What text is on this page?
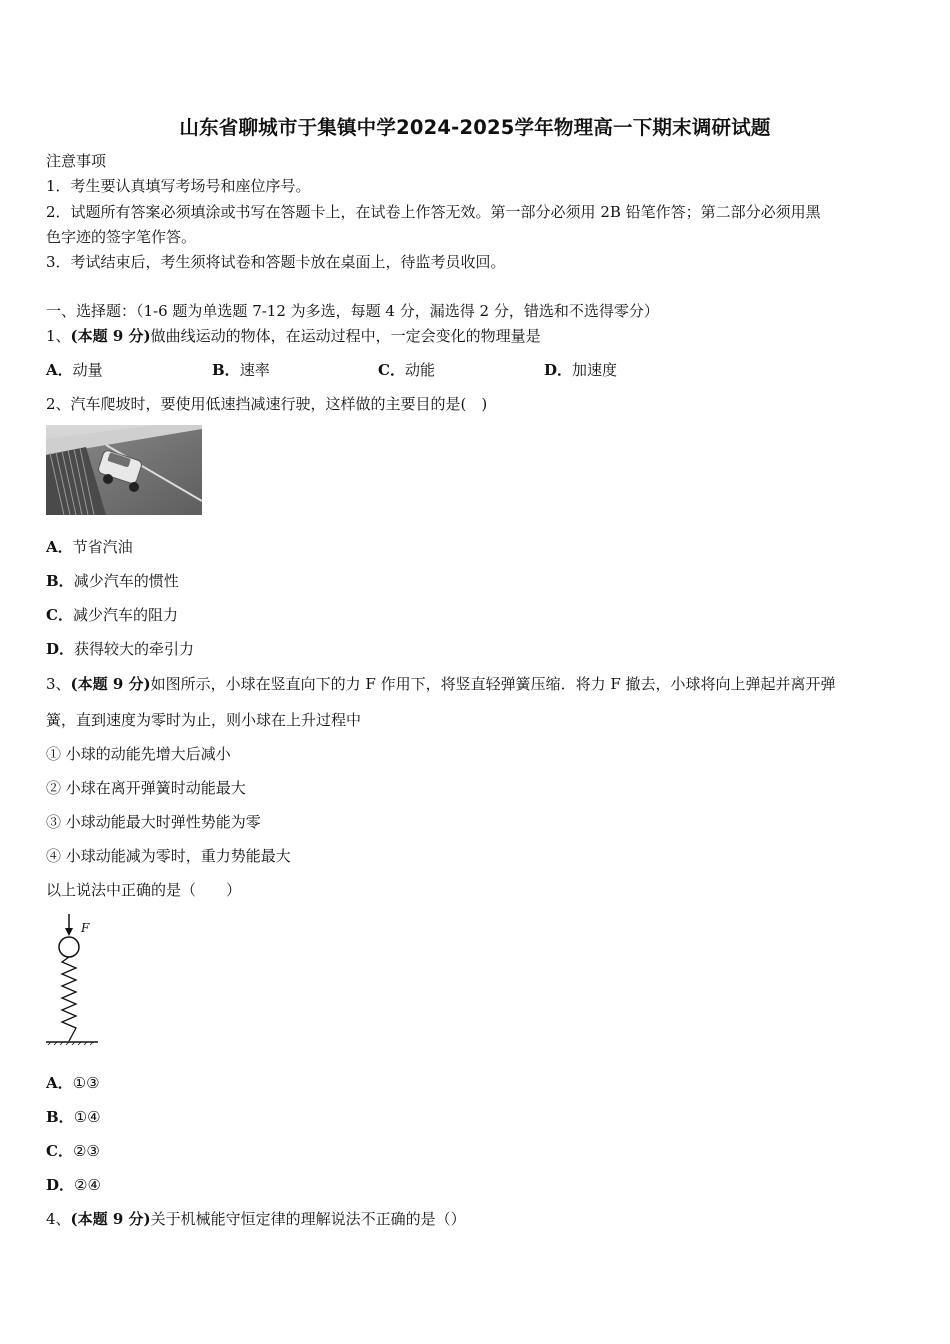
山东省聊城市于集镇中学2024-2025学年物理高一下期末调研试题
注意事项
1．考生要认真填写考场号和座位序号。
2．试题所有答案必须填涂或书写在答题卡上，在试卷上作答无效。第一部分必须用 2B 铅笔作答；第二部分必须用黑
色字迹的签字笔作答。
3．考试结束后，考生须将试卷和答题卡放在桌面上，待监考员收回。
一、选择题：（1-6 题为单选题 7-12 为多选，每题 4 分，漏选得 2 分，错选和不选得零分）
1、(本题 9 分)做曲线运动的物体，在运动过程中，一定会变化的物理量是
A．动量	B．速率	C．动能	D．加速度
2、汽车爬坡时，要使用低速挡减速行驶，这样做的主要目的是(　)
A．节省汽油
B．减少汽车的惯性
C．减少汽车的阻力
D．获得较大的牵引力
3、(本题 9 分)如图所示，小球在竖直向下的力 F 作用下，将竖直轻弹簧压缩．将力 F 撤去，小球将向上弹起并离开弹
簧，直到速度为零时为止，则小球在上升过程中
① 小球的动能先增大后减小
② 小球在离开弹簧时动能最大
③ 小球动能最大时弹性势能为零
④ 小球动能减为零时，重力势能最大
以上说法中正确的是（　　）
F
A．①③
B．①④
C．②③
D．②④
4、(本题 9 分)关于机械能守恒定律的理解说法不正确的是（）
